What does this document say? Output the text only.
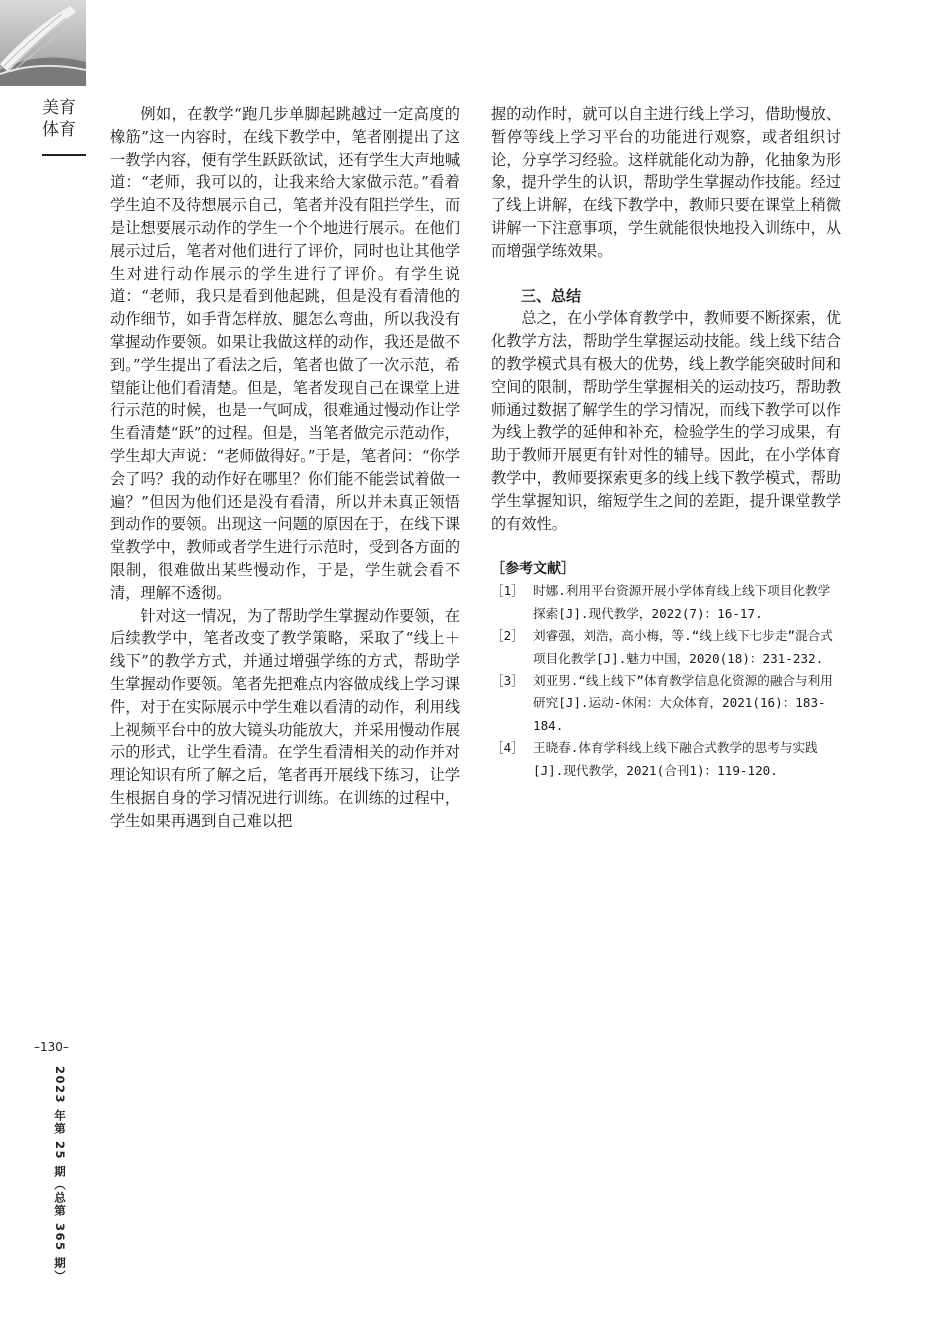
美育体育

例如，在教学“跑几步单脚起跳越过一定高度的橡筋”这一内容时，在线下教学中，笔者刚提出了这一教学内容，便有学生跃跃欲试，还有学生大声地喊道：“老师，我可以的，让我来给大家做示范。”看着学生迫不及待想展示自己，笔者并没有阻拦学生，而是让想要展示动作的学生一个个地进行展示。在他们展示过后，笔者对他们进行了评价，同时也让其他学生对进行动作展示的学生进行了评价。有学生说道：“老师，我只是看到他起跳，但是没有看清他的动作细节，如手背怎样放、腿怎么弯曲，所以我没有掌握动作要领。如果让我做这样的动作，我还是做不到。”学生提出了看法之后，笔者也做了一次示范，希望能让他们看清楚。但是，笔者发现自己在课堂上进行示范的时候，也是一气呵成，很难通过慢动作让学生看清楚“跃”的过程。但是，当笔者做完示范动作，学生却大声说：“老师做得好。”于是，笔者问：“你学会了吗？我的动作好在哪里？你们能不能尝试着做一遍？”但因为他们还是没有看清，所以并未真正领悟到动作的要领。出现这一问题的原因在于，在线下课堂教学中，教师或者学生进行示范时，受到各方面的限制，很难做出某些慢动作，于是，学生就会看不清，理解不透彻。

针对这一情况，为了帮助学生掌握动作要领，在后续教学中，笔者改变了教学策略，采取了“线上＋线下”的教学方式，并通过增强学练的方式，帮助学生掌握动作要领。笔者先把难点内容做成线上学习课件，对于在实际展示中学生难以看清的动作，利用线上视频平台中的放大镜头功能放大，并采用慢动作展示的形式，让学生看清。在学生看清相关的动作并对理论知识有所了解之后，笔者再开展线下练习，让学生根据自身的学习情况进行训练。在训练的过程中，学生如果再遇到自己难以把

握的动作时，就可以自主进行线上学习，借助慢放、暂停等线上学习平台的功能进行观察，或者组织讨论，分享学习经验。这样就能化动为静，化抽象为形象，提升学生的认识，帮助学生掌握动作技能。经过了线上讲解，在线下教学中，教师只要在课堂上稍微讲解一下注意事项，学生就能很快地投入训练中，从而增强学练效果。

三、总结

总之，在小学体育教学中，教师要不断探索，优化教学方法，帮助学生掌握运动技能。线上线下结合的教学模式具有极大的优势，线上教学能突破时间和空间的限制，帮助学生掌握相关的运动技巧，帮助教师通过数据了解学生的学习情况，而线下教学可以作为线上教学的延伸和补充，检验学生的学习成果，有助于教师开展更有针对性的辅导。因此，在小学体育教学中，教师要探索更多的线上线下教学模式，帮助学生掌握知识，缩短学生之间的差距，提升课堂教学的有效性。

［参考文献］
［1］ 时娜.利用平台资源开展小学体育线上线下项目化教学探索[J].现代教学，2022(7)：16-17.
［2］ 刘睿强，刘浩，高小梅，等.“线上线下七步走”混合式项目化教学[J].魅力中国，2020(18)：231-232.
［3］ 刘亚男.“线上线下”体育教学信息化资源的融合与利用研究[J].运动-休闲：大众体育，2021(16)：183-184.
［4］ 王晓春.体育学科线上线下融合式教学的思考与实践[J].现代教学，2021(合刊1)：119-120.
–130–
2023 年第 25 期（总第 365 期）
